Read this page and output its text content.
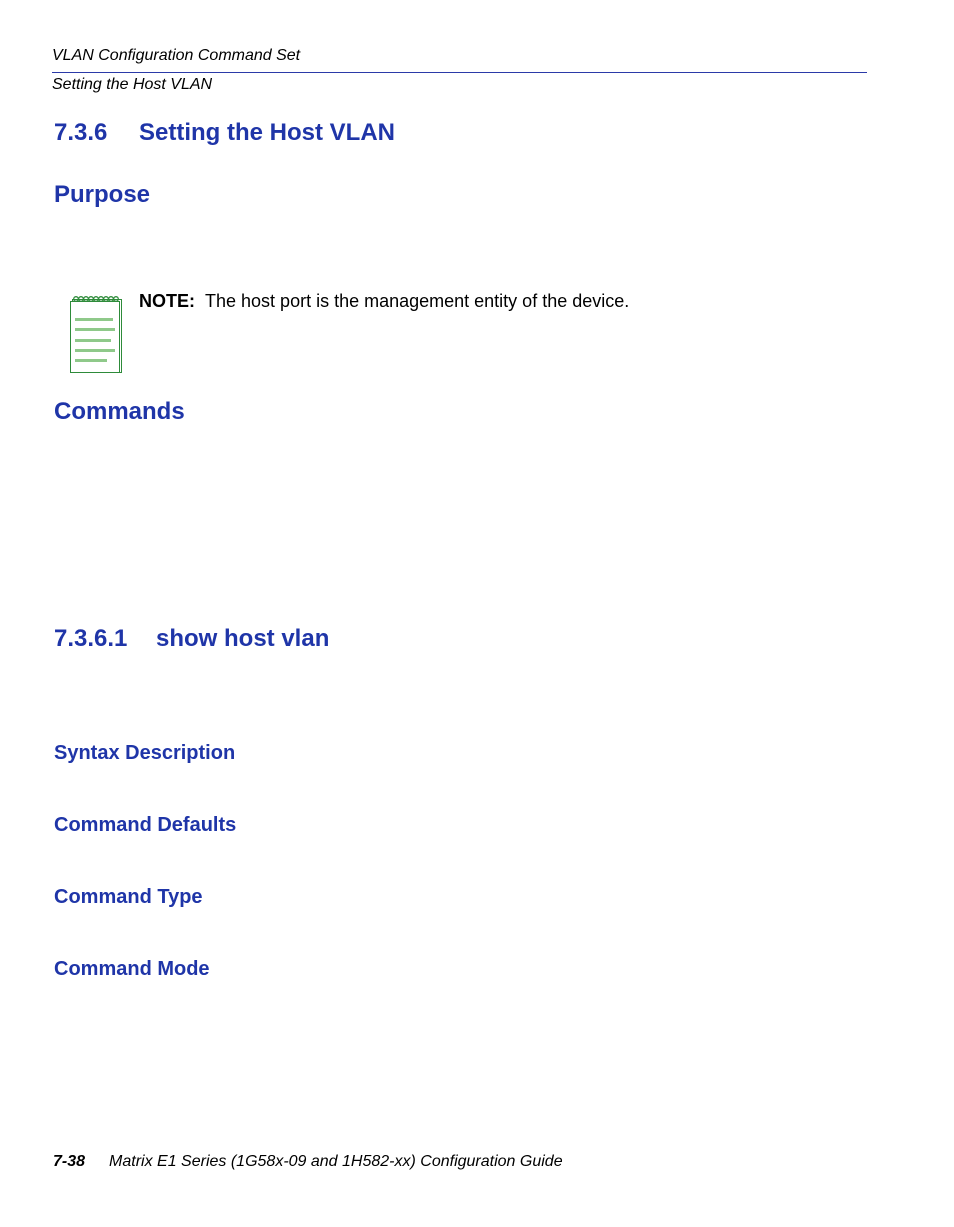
VLAN Configuration Command Set

Setting the Host VLAN

7.3.6 Setting the Host VLAN
Purpose

NOTE: The host port is the management entity of the device.

Commands
7.3.6.1 show host vlan
Syntax Description
Command Defaults
Command Type
Command Mode

7-38 Matrix E1 Series (1G58x-09 and 1H582-xx) Configuration Guide
